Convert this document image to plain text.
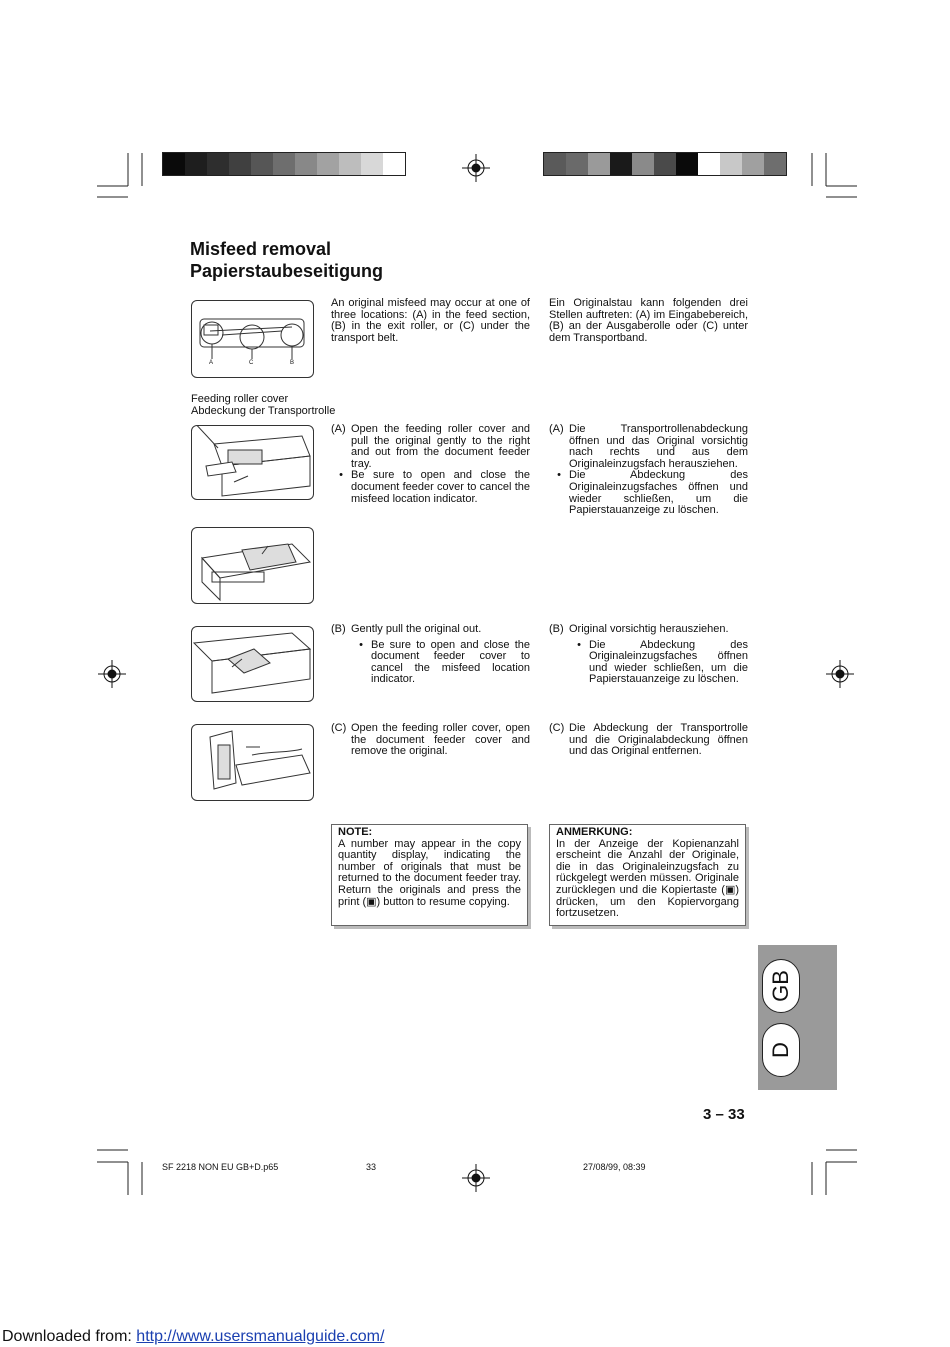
Misfeed removal
Papierstaubeseitigung
A	C	B
An original misfeed may occur at one of three locations: (A) in the feed section, (B) in the exit roller, or (C) under the transport belt.
Ein Originalstau kann folgenden drei Stellen auftreten: (A) im Eingabebereich, (B) an der Ausgaberolle oder (C) unter dem Transportband.
Feeding roller cover
Abdeckung der Transportrolle
(A) Open the feeding roller cover and pull the original gently to the right and out from the document feeder tray.
• Be sure to open and close the document feeder cover to cancel the misfeed location indicator.
(A) Die Transportrollenabdeckung öffnen und das Original vorsichtig nach rechts und aus dem Originaleinzugsfach herausziehen.
• Die Abdeckung des Originaleinzugsfaches öffnen und wieder schließen, um die Papierstauanzeige zu löschen.
(B) Gently pull the original out.
• Be sure to open and close the document feeder cover to cancel the misfeed location indicator.
(B) Original vorsichtig herausziehen.
• Die Abdeckung des Originaleinzugsfaches öffnen und wieder schließen, um die Papierstauanzeige zu löschen.
(C) Open the feeding roller cover, open the document feeder cover and remove the original.
(C) Die Abdeckung der Transportrolle und die Originalabdeckung öffnen und das Original entfernen.
NOTE:
A number may appear in the copy quantity display, indicating the number of originals that must be returned to the document feeder tray. Return the originals and press the print (▣) button to resume copying.
ANMERKUNG:
In der Anzeige der Kopienanzahl erscheint die Anzahl der Originale, die in das Originaleinzugsfach zu rückgelegt werden müssen. Originale zurücklegen und die Kopiertaste (▣) drücken, um den Kopiervorgang fortzusetzen.
GB
D
3 – 33
SF 2218 NON EU GB+D.p65	33	27/08/99, 08:39
Downloaded from: http://www.usersmanualguide.com/
